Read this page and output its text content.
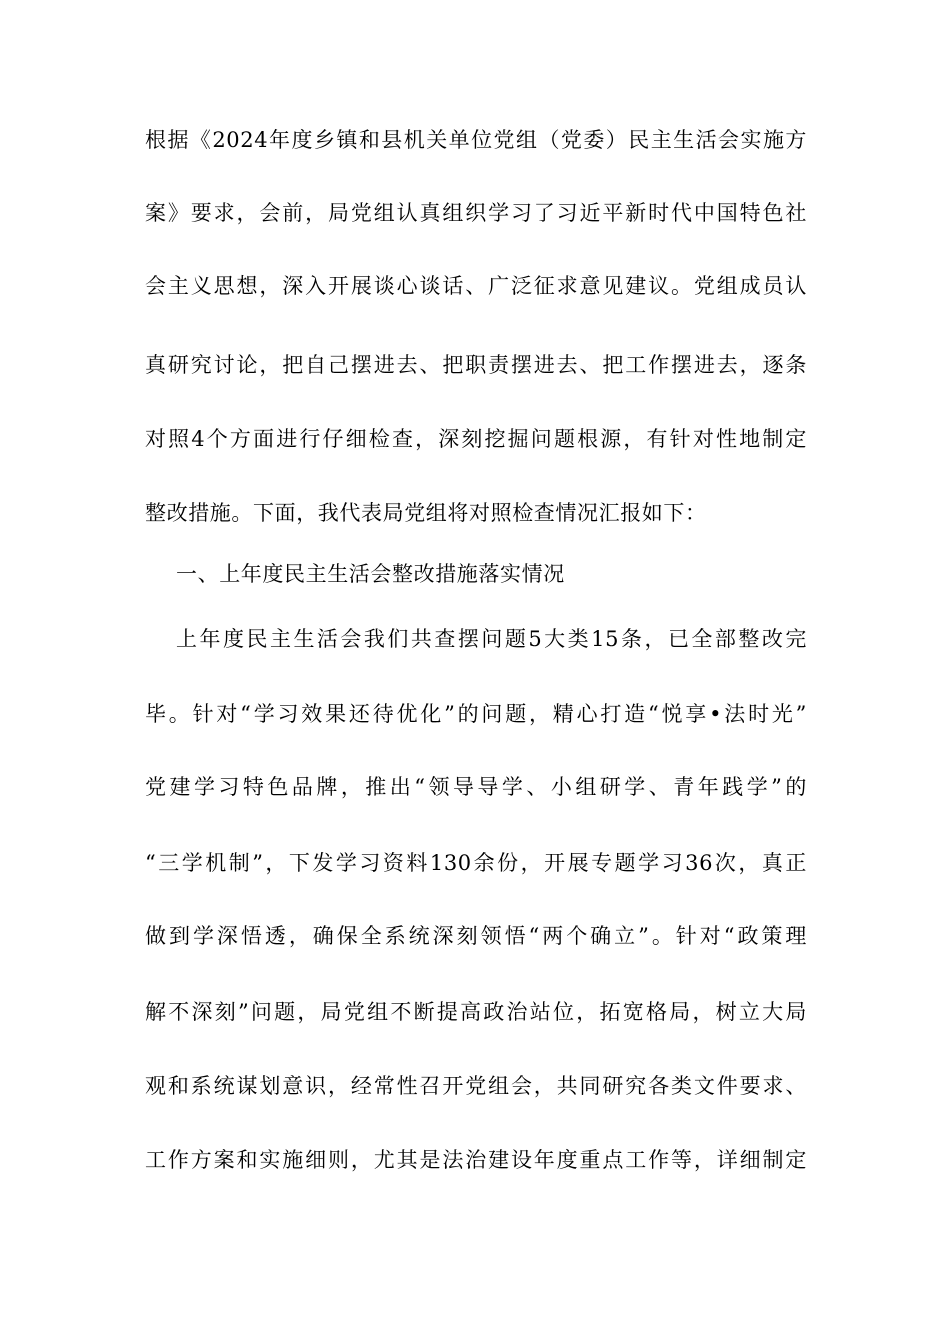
根据《2024年度乡镇和县机关单位党组（党委）民主生活会实施方
案》要求，会前，局党组认真组织学习了习近平新时代中国特色社
会主义思想，深入开展谈心谈话、广泛征求意见建议。党组成员认
真研究讨论，把自己摆进去、把职责摆进去、把工作摆进去，逐条
对照4个方面进行仔细检查，深刻挖掘问题根源，有针对性地制定
整改措施。下面，我代表局党组将对照检查情况汇报如下：
一、上年度民主生活会整改措施落实情况
上年度民主生活会我们共查摆问题5大类15条，已全部整改完
毕。针对“学习效果还待优化”的问题，精心打造“悦享•法时光”
党建学习特色品牌，推出“领导导学、小组研学、青年践学”的
“三学机制”，下发学习资料130余份，开展专题学习36次，真正
做到学深悟透，确保全系统深刻领悟“两个确立”。针对“政策理
解不深刻”问题，局党组不断提高政治站位，拓宽格局，树立大局
观和系统谋划意识，经常性召开党组会，共同研究各类文件要求、
工作方案和实施细则，尤其是法治建设年度重点工作等，详细制定
